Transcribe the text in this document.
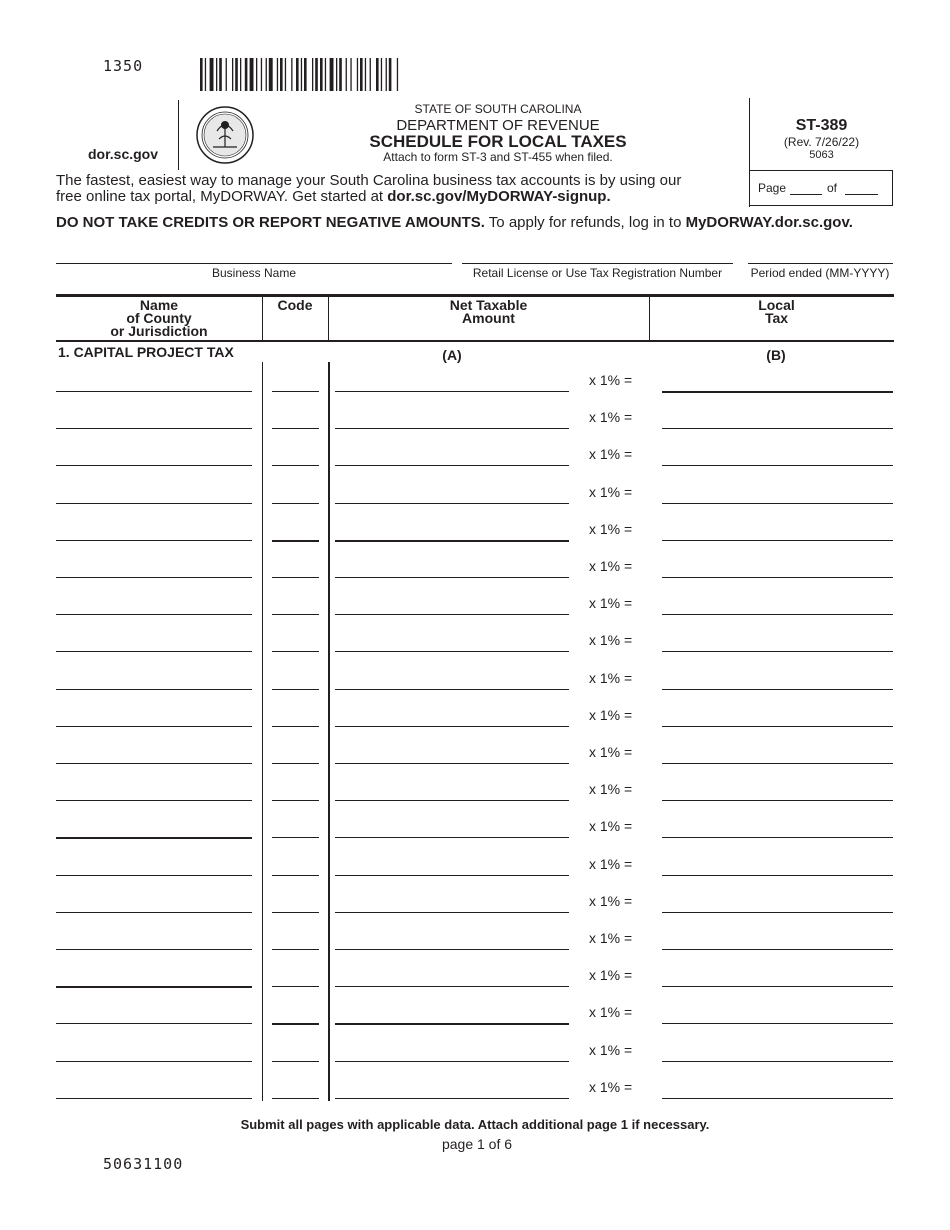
1350
dor.sc.gov
STATE OF SOUTH CAROLINA
DEPARTMENT OF REVENUE
SCHEDULE FOR LOCAL TAXES
Attach to form ST-3 and ST-455 when filed.
ST-389
(Rev. 7/26/22)
5063
Page	of
The fastest, easiest way to manage your South Carolina business tax accounts is by using our
free online tax portal, MyDORWAY. Get started at dor.sc.gov/MyDORWAY-signup.
DO NOT TAKE CREDITS OR REPORT NEGATIVE AMOUNTS. To apply for refunds, log in to MyDORWAY.dor.sc.gov.
Business Name	Retail License or Use Tax Registration Number	Period ended (MM-YYYY)
Name
of County
or Jurisdiction
Code	Net Taxable
Amount
Local
Tax
1. CAPITAL PROJECT TAX	(A)	(B)
x 1% =
x 1% =
x 1% =
x 1% =
x 1% =
x 1% =
x 1% =
x 1% =
x 1% =
x 1% =
x 1% =
x 1% =
x 1% =
x 1% =
x 1% =
x 1% =
x 1% =
x 1% =
x 1% =
x 1% =
Submit all pages with applicable data. Attach additional page 1 if necessary.
page 1 of 6
50631100
